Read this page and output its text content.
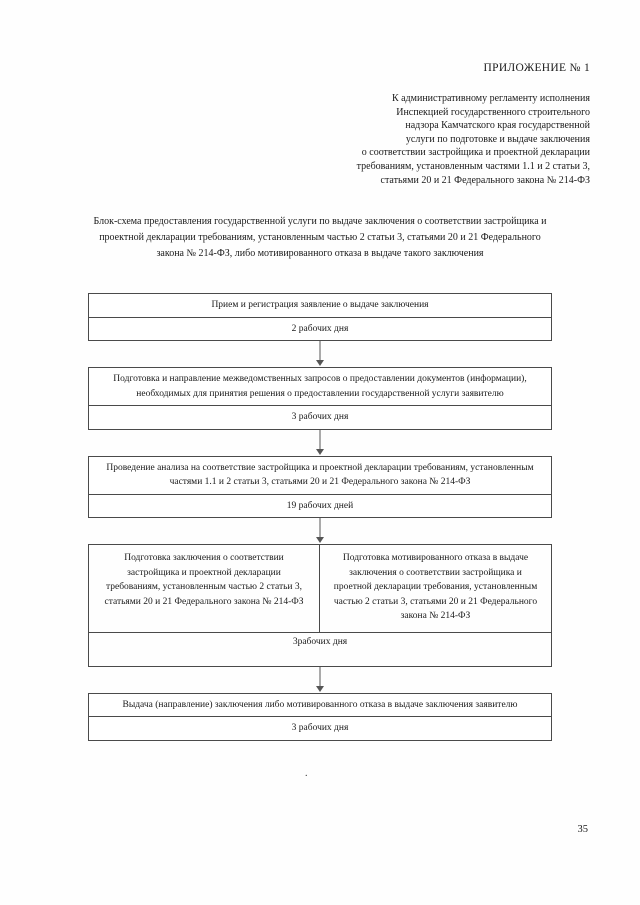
ПРИЛОЖЕНИЕ № 1
К административному регламенту исполнения
Инспекцией государственного строительного
надзора Камчатского края государственной
услуги по подготовке и выдаче заключения
о соответствии застройщика и проектной декларации
требованиям, установленным частями 1.1 и 2 статьи 3,
статьями 20 и 21 Федерального закона № 214-ФЗ
Блок-схема предоставления государственной услуги по выдаче заключения о соответствии застройщика и проектной декларации требованиям, установленным частью 2 статьи 3, статьями 20 и 21 Федерального закона № 214-ФЗ, либо мотивированного отказа в выдаче такого заключения
Прием и регистрация заявление о выдаче заключения
2 рабочих дня
Подготовка и направление межведомственных запросов о предоставлении документов (информации), необходимых для принятия решения о предоставлении государственной услуги заявителю
3 рабочих дня
Проведение анализа на соответствие застройщика и проектной декларации требованиям, установленным частями 1.1 и 2 статьи 3, статьями 20 и 21 Федерального закона № 214-ФЗ
19 рабочих дней
Подготовка заключения о соответствии застройщика и проектной декларации требованиям, установленным частью 2 статьи 3, статьями 20 и 21 Федерального закона № 214-ФЗ
Подготовка мотивированного отказа в выдаче заключения о соответствии застройщика и проетной декларации требования, установленным частью 2 статьи 3, статьями 20 и 21 Федерального закона № 214-ФЗ
3рабочих дня
Выдача (направление) заключения либо мотивированного отказа в выдаче заключения заявителю
3 рабочих дня
.
35
